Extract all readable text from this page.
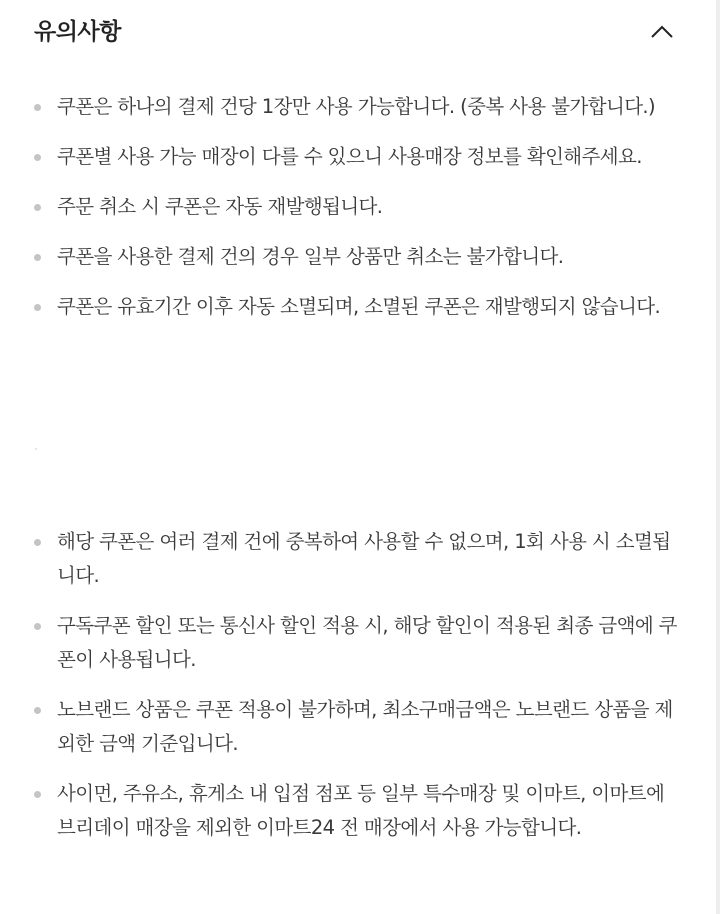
유의사항
쿠폰은 하나의 결제 건당 1장만 사용 가능합니다. (중복 사용 불가합니다.)
쿠폰별 사용 가능 매장이 다를 수 있으니 사용매장 정보를 확인해주세요.
주문 취소 시 쿠폰은 자동 재발행됩니다.
쿠폰을 사용한 결제 건의 경우 일부 상품만 취소는 불가합니다.
쿠폰은 유효기간 이후 자동 소멸되며, 소멸된 쿠폰은 재발행되지 않습니다.
해당 쿠폰은 여러 결제 건에 중복하여 사용할 수 없으며, 1회 사용 시 소멸됩니다.
구독쿠폰 할인 또는 통신사 할인 적용 시, 해당 할인이 적용된 최종 금액에 쿠폰이 사용됩니다.
노브랜드 상품은 쿠폰 적용이 불가하며, 최소구매금액은 노브랜드 상품을 제외한 금액 기준입니다.
사이먼, 주유소, 휴게소 내 입점 점포 등 일부 특수매장 및 이마트, 이마트에브리데이 매장을 제외한 이마트24 전 매장에서 사용 가능합니다.
